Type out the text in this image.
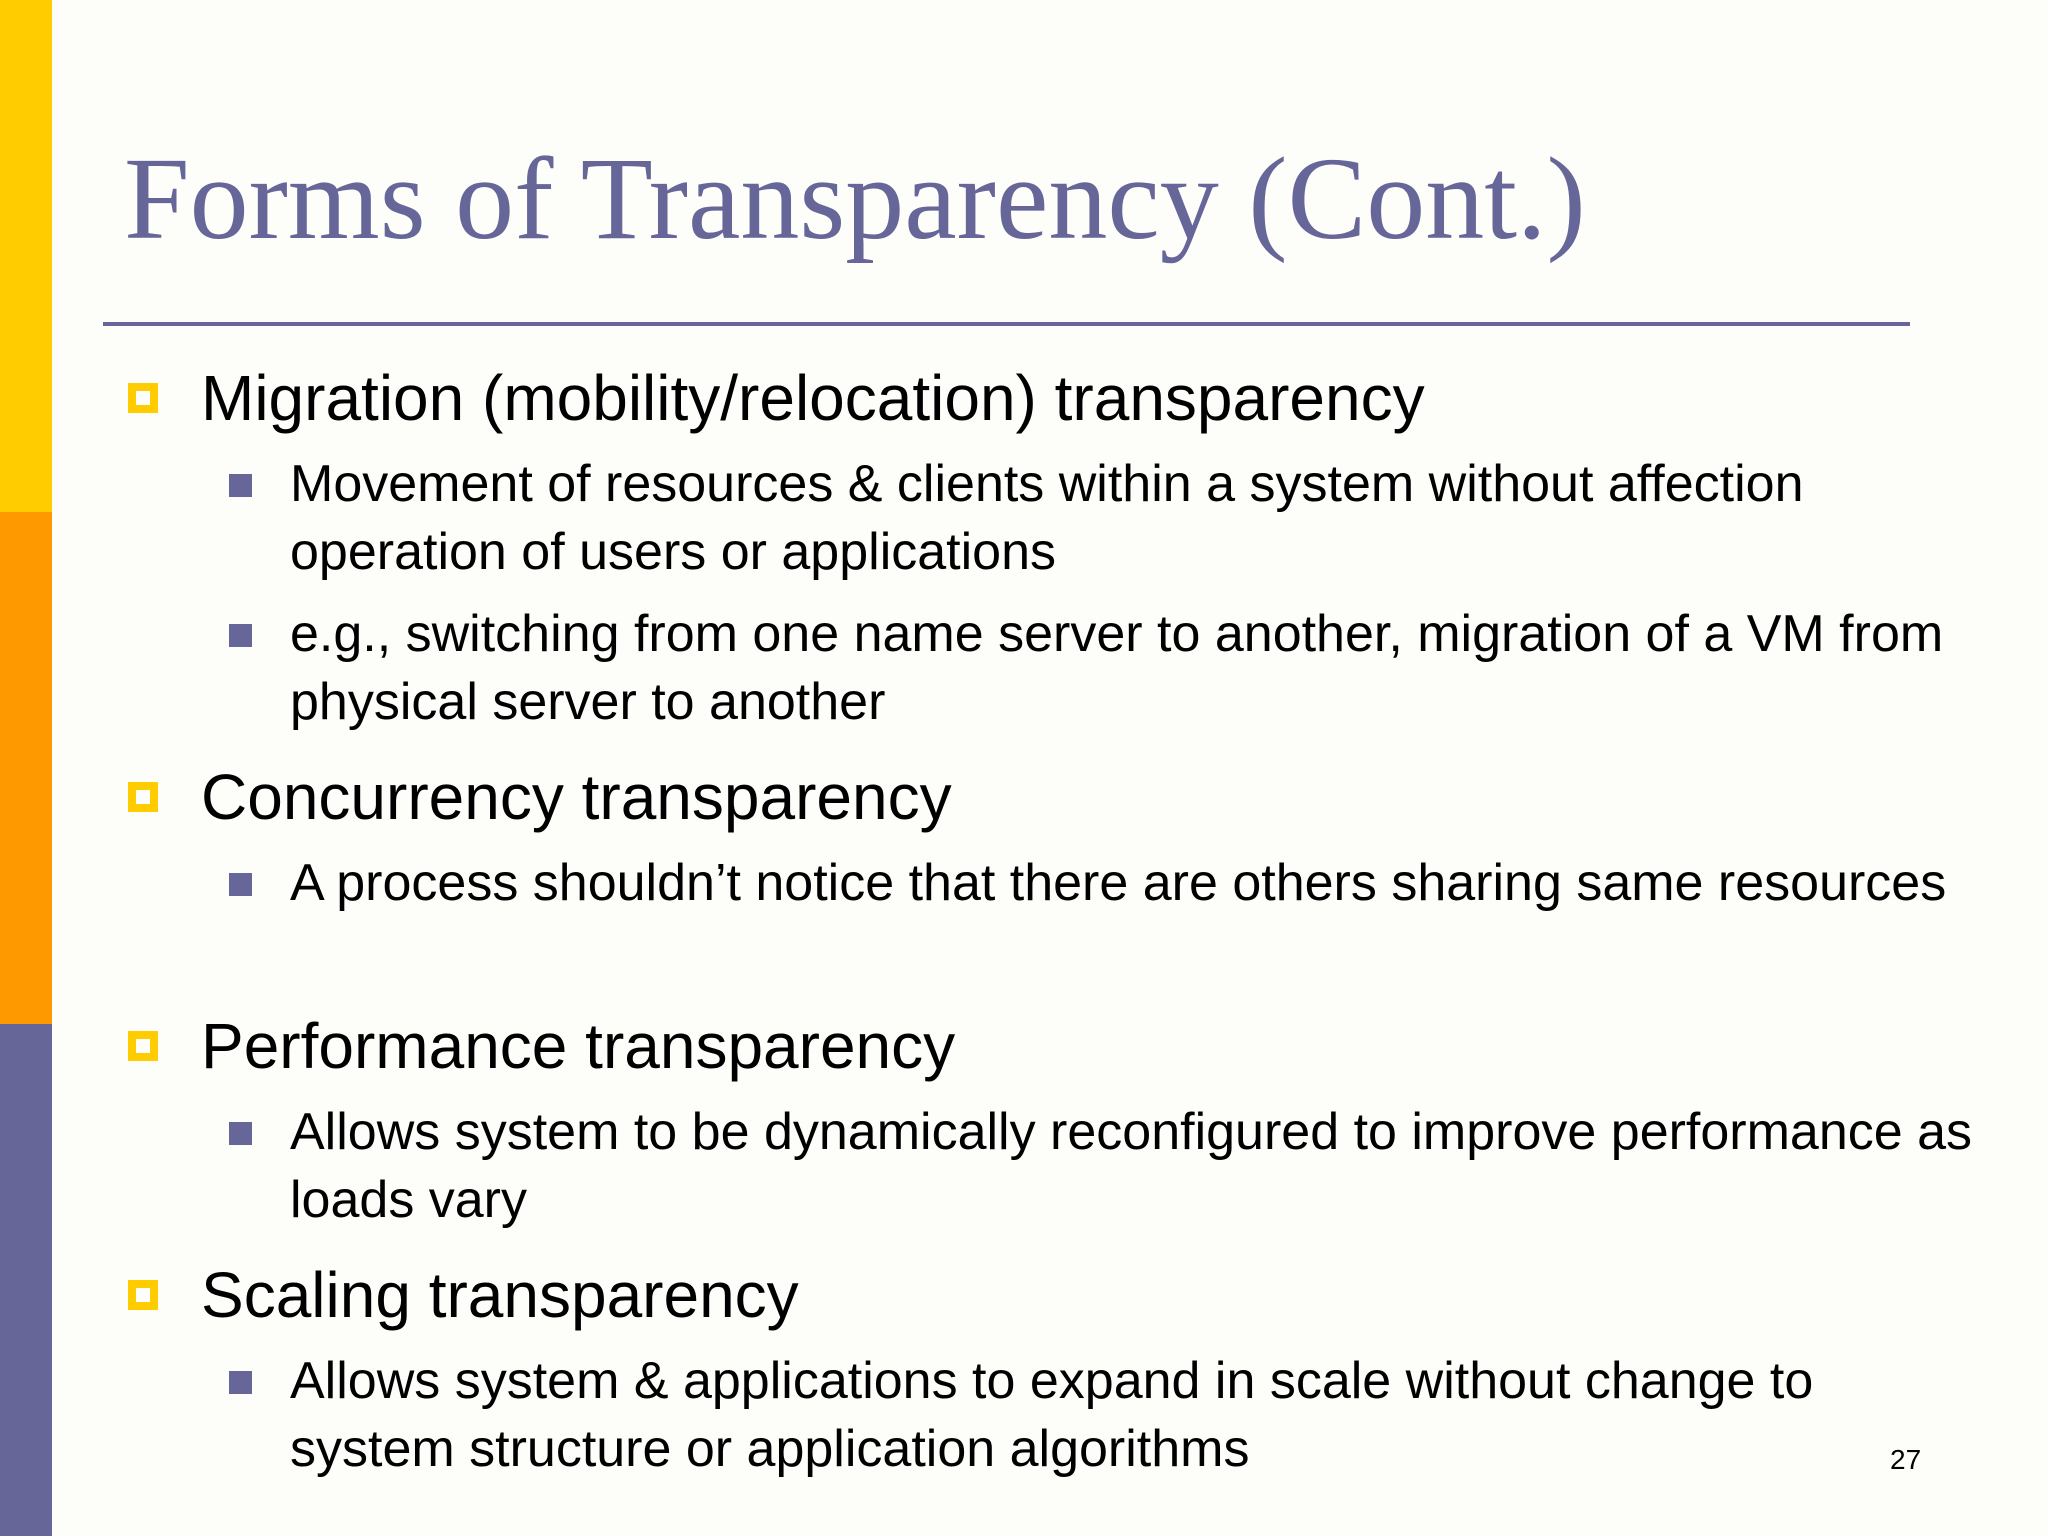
Forms of Transparency (Cont.)
Migration (mobility/relocation) transparency
Movement of resources & clients within a system without affection operation of users or applications
e.g., switching from one name server to another, migration of a VM from physical server to another
Concurrency transparency
A process shouldn’t notice that there are others sharing same resources
Performance transparency
Allows system to be dynamically reconfigured to improve performance as loads vary
Scaling transparency
Allows system & applications to expand in scale without change to system structure or application algorithms	27
